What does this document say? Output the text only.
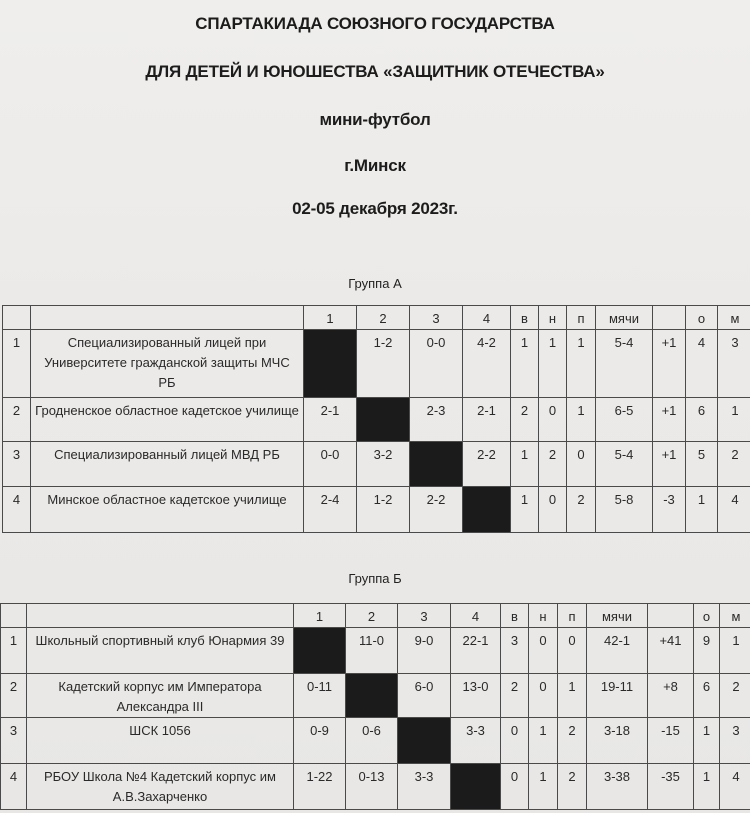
СПАРТАКИАДА СОЮЗНОГО ГОСУДАРСТВА
ДЛЯ ДЕТЕЙ И ЮНОШЕСТВА «ЗАЩИТНИК ОТЕЧЕСТВА»
мини-футбол
г.Минск
02-05 декабря 2023г.
Группа А
		1	2	3	4	в	н	п	мячи		о	м
1	Специализированный лицей при Университете гражданской защиты МЧС РБ		1-2	0-0	4-2	1	1	1	5-4	+1	4	3
2	Гродненское областное кадетское училище	2-1		2-3	2-1	2	0	1	6-5	+1	6	1
3	Специализированный лицей МВД РБ	0-0	3-2		2-2	1	2	0	5-4	+1	5	2
4	Минское областное кадетское училище	2-4	1-2	2-2		1	0	2	5-8	-3	1	4
Группа Б
		1	2	3	4	в	н	п	мячи		о	м
1	Школьный спортивный клуб Юнармия 39		11-0	9-0	22-1	3	0	0	42-1	+41	9	1
2	Кадетский корпус им Императора Александра III	0-11		6-0	13-0	2	0	1	19-11	+8	6	2
3	ШСК 1056	0-9	0-6		3-3	0	1	2	3-18	-15	1	3
4	РБОУ Школа №4 Кадетский корпус им А.В.Захарченко	1-22	0-13	3-3		0	1	2	3-38	-35	1	4
